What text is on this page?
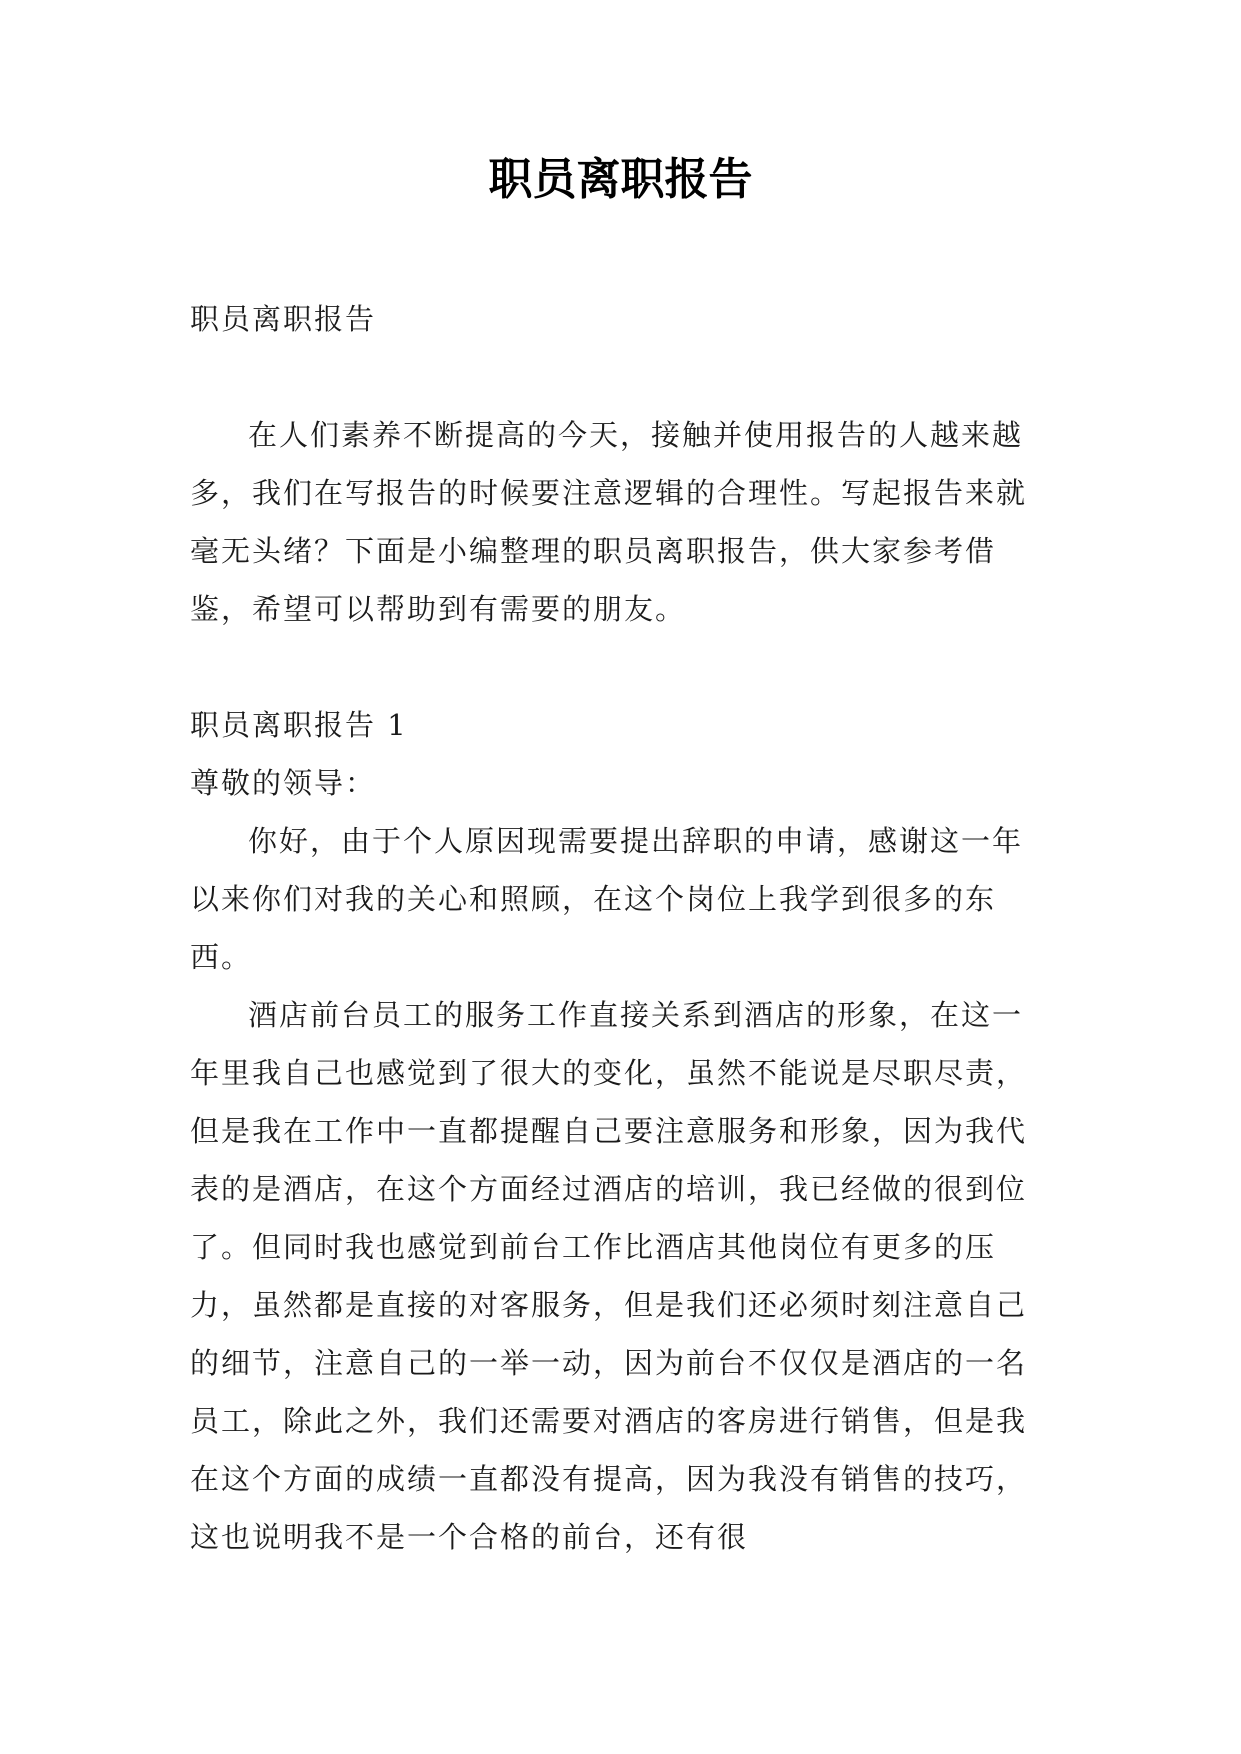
职员离职报告

职员离职报告

在人们素养不断提高的今天，接触并使用报告的人越来越多，我们在写报告的时候要注意逻辑的合理性。写起报告来就毫无头绪？下面是小编整理的职员离职报告，供大家参考借鉴，希望可以帮助到有需要的朋友。

职员离职报告 1

尊敬的领导：

你好，由于个人原因现需要提出辞职的申请，感谢这一年以来你们对我的关心和照顾，在这个岗位上我学到很多的东西。

酒店前台员工的服务工作直接关系到酒店的形象，在这一年里我自己也感觉到了很大的变化，虽然不能说是尽职尽责，但是我在工作中一直都提醒自己要注意服务和形象，因为我代表的是酒店，在这个方面经过酒店的培训，我已经做的很到位了。但同时我也感觉到前台工作比酒店其他岗位有更多的压力，虽然都是直接的对客服务，但是我们还必须时刻注意自己的细节，注意自己的一举一动，因为前台不仅仅是酒店的一名员工，除此之外，我们还需要对酒店的客房进行销售，但是我在这个方面的成绩一直都没有提高，因为我没有销售的技巧，这也说明我不是一个合格的前台，还有很
